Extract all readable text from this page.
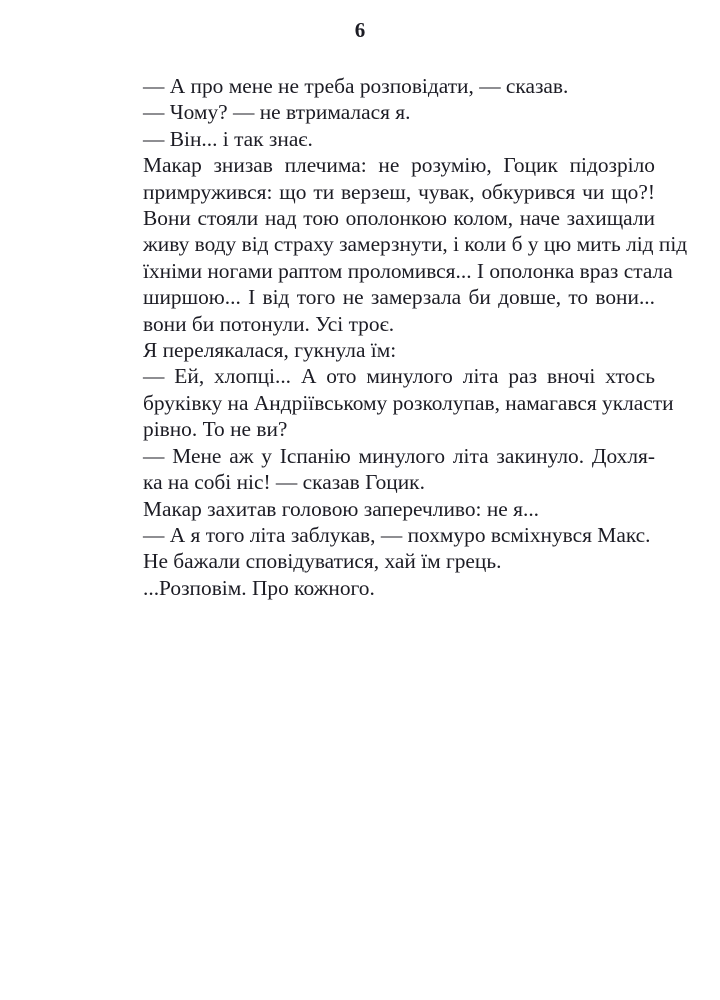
6
— А про мене не треба розповідати, — сказав.
— Чому? — не втрималася я.
— Він... і так знає.
Макар знизав плечима: не розумію, Гоцик підозріло
примружився: що ти верзеш, чувак, обкурився чи що?!
Вони стояли над тою ополонкою колом, наче захищали
живу воду від страху замерзнути, і коли б у цю мить лід під
їхніми ногами раптом проломився... І ополонка враз стала
ширшою... І від того не замерзала би довше, то вони...
вони би потонули. Усі троє.
Я перелякалася, гукнула їм:
— Ей, хлопці... А ото минулого літа раз вночі хтось
бруківку на Андріївському розколупав, намагався укласти
рівно. То не ви?
— Мене аж у Іспанію минулого літа закинуло. Дохля-
ка на собі ніс! — сказав Гоцик.
Макар захитав головою заперечливо: не я...
— А я того літа заблукав, — похмуро всміхнувся Макс.
Не бажали сповідуватися, хай їм грець.
...Розповім. Про кожного.
